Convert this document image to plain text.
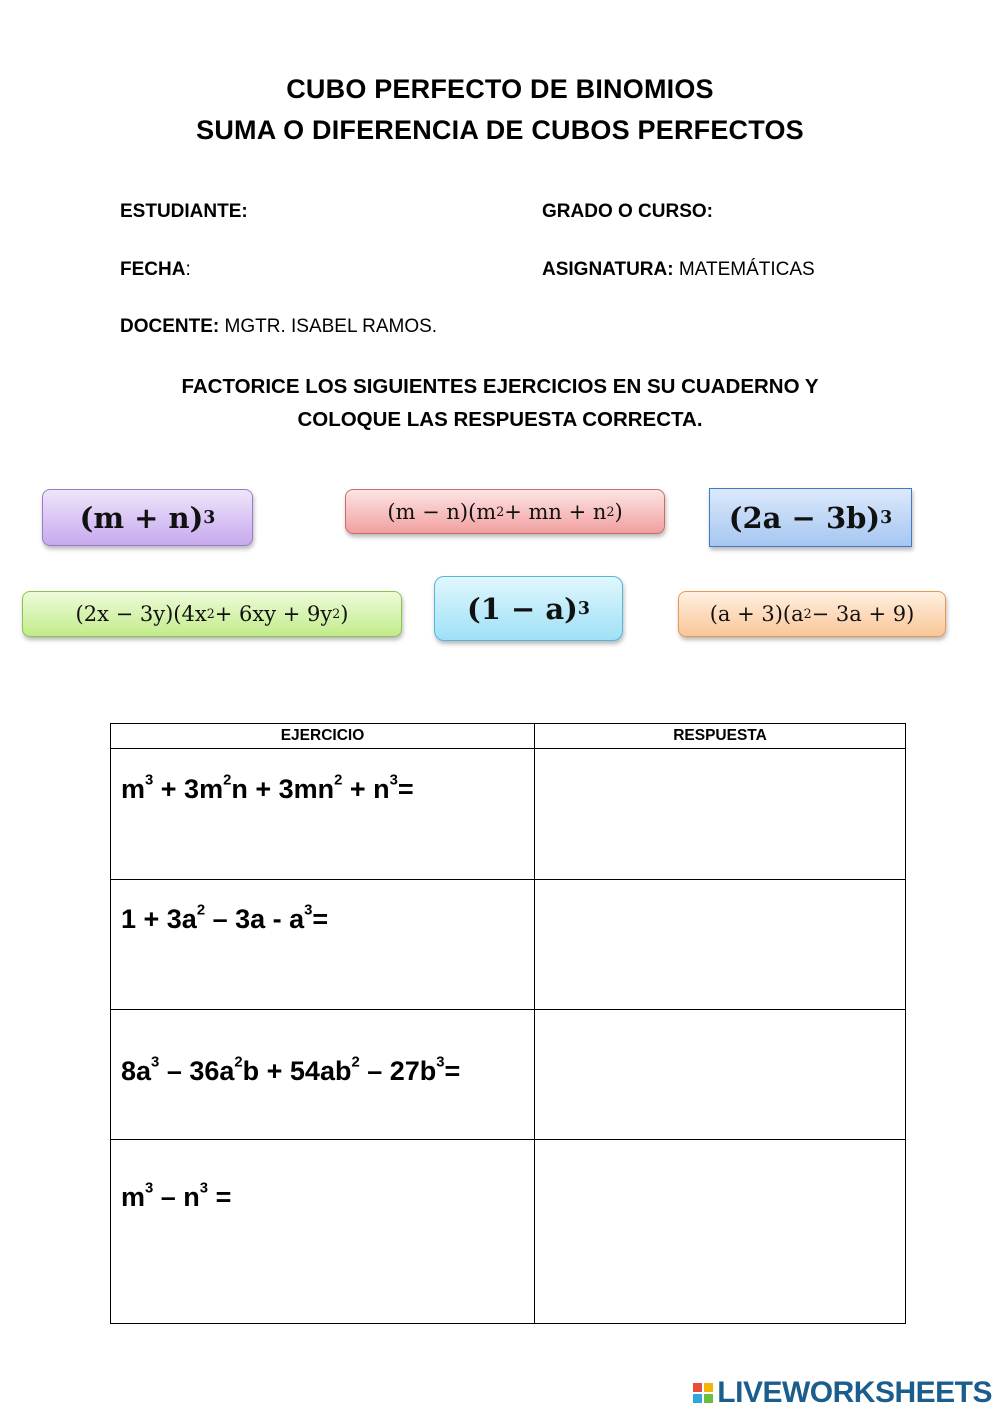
CUBO PERFECTO DE BINOMIOS
SUMA O DIFERENCIA DE CUBOS PERFECTOS
ESTUDIANTE:	GRADO O CURSO:
FECHA:	ASIGNATURA: MATEMÁTICAS
DOCENTE: MGTR. ISABEL RAMOS.
FACTORICE LOS SIGUIENTES EJERCICIOS EN SU CUADERNO Y
COLOQUE LAS RESPUESTA CORRECTA.
(m + n) 3	(m − n)(m 2 + mn + n 2 )	(2a − 3b) 3
(2x − 3y)(4x 2 + 6xy + 9y 2 )	(1 − a) 3	(a + 3)(a 2 − 3a + 9)
EJERCICIO	RESPUESTA

$m^3 + 3m^2n + 3mn^2 + n^3=$	

$1 + 3a^2 - 3a - a^3=$	

$8a^3 - 36a^2b + 54ab^2 - 27b^3=$	

$m^3 - n^3$ =	

LIVEWORKSHEETS
